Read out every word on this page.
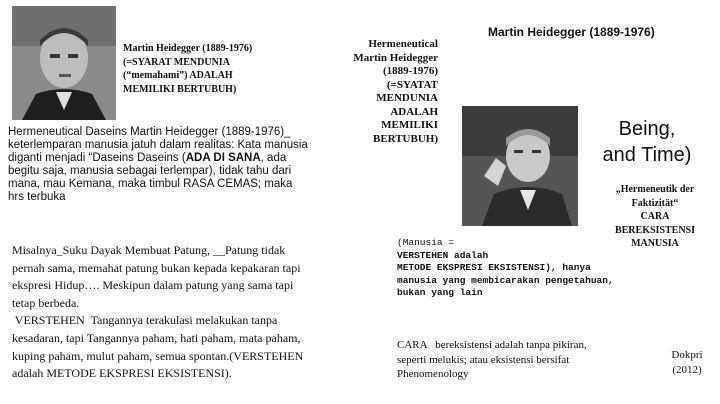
Martin Heidegger (1889-1976)
(=SYARAT MENDUNIA
(“memahami”) ADALAH
MEMILIKI BERTUBUH)
Hermeneutical
Martin Heidegger
(1889-1976)
(=SYATAT
MENDUNIA
ADALAH
MEMILIKI
BERTUBUH)
Martin Heidegger (1889-1976)
Being,
and Time)
„Hermeneutik der
Faktizität“
CARA
BEREKSISTENSI
MANUSIA
Hermeneutical Daseins Martin Heidegger (1889-1976)_ keterlemparan manusia jatuh dalam realitas: Kata manusia diganti menjadi “Daseins Daseins (ADA DI SANA, ada begitu saja, manusia sebagai terlempar), tidak tahu dari mana, mau Kemana, maka timbul RASA CEMAS; maka hrs terbuka
Misalnya_Suku Dayak Membuat Patung, __Patung tidak
pernah sama, memahat patung bukan kepada kepakaran tapi
ekspresi Hidup…. Meskipun dalam patung yang sama tapi
tetap berbeda.
VERSTEHEN  Tangannya terakulasi melakukan tanpa
kesadaran, tapi Tangannya paham, hati paham, mata paham,
kuping paham, mulut paham, semua spontan.(VERSTEHEN
adalah METODE EKSPRESI EKSISTENSI).
(Manusia =
VERSTEHEN adalah
METODE EKSPRESI EKSISTENSI), hanya
manusia yang membicarakan pengetahuan,
bukan yang lain
CARA   bereksistensi adalah tanpa pikiran,
seperti melukis; atau eksistensi bersifat
Phenomenology
Dokpri
(2012)
